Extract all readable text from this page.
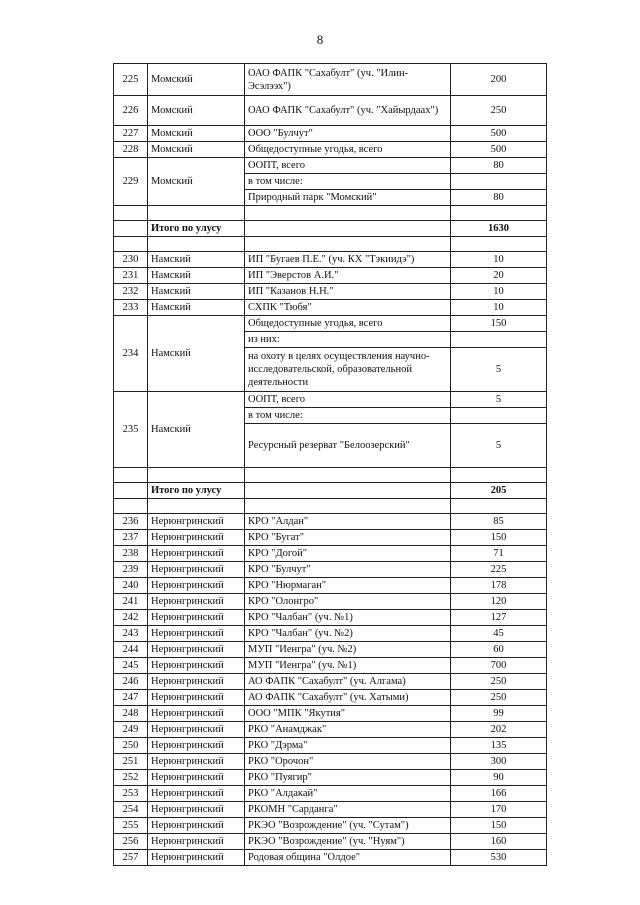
8
225	Момский	ОАО ФАПК "Сахабулт" (уч. "Илин-Эсэлээх")	200
226	Момский	ОАО ФАПК "Сахабулт" (уч. "Хайырдаах")	250
227	Момский	ООО "Булчут"	500
228	Момский	Общедоступные угодья, всего	500
229	Момский	ООПТ, всего	80
		в том числе:	
		Природный парк "Момский"	80

	Итого по улусу		1630

230	Намский	ИП "Бугаев П.Е." (уч. КХ "Тэкиидэ")	10
231	Намский	ИП "Эверстов А.И."	20
232	Намский	ИП "Казанов Н.Н."	10
233	Намский	СХПК "Тюбя"	10
234	Намский	Общедоступные угодья, всего	150
		из них:	
		на охоту в целях осуществления научно-исследовательской, образовательной деятельности	5
235	Намский	ООПТ, всего	5
		в том числе:	
		Ресурсный резерват "Белоозерский"	5

	Итого по улусу		205

236	Нерюнгринский	КРО "Алдан"	85
237	Нерюнгринский	КРО "Бугат"	150
238	Нерюнгринский	КРО "Догой"	71
239	Нерюнгринский	КРО "Булчут"	225
240	Нерюнгринский	КРО "Нюрмаган"	178
241	Нерюнгринский	КРО "Олонгро"	120
242	Нерюнгринский	КРО "Чалбан" (уч. №1)	127
243	Нерюнгринский	КРО "Чалбан" (уч. №2)	45
244	Нерюнгринский	МУП "Иенгра" (уч. №2)	60
245	Нерюнгринский	МУП "Иенгра" (уч. №1)	700
246	Нерюнгринский	АО ФАПК "Сахабулт" (уч. Алгама)	250
247	Нерюнгринский	АО ФАПК "Сахабулт" (уч. Хатыми)	250
248	Нерюнгринский	ООО "МПК "Якутия"	99
249	Нерюнгринский	РКО "Анамджак"	202
250	Нерюнгринский	РКО "Дэрма"	135
251	Нерюнгринский	РКО "Орочон"	300
252	Нерюнгринский	РКО "Пуягир"	90
253	Нерюнгринский	РКО "Алдакай"	166
254	Нерюнгринский	РКОМН "Сарданга"	170
255	Нерюнгринский	РКЭО "Возрождение" (уч. "Сутам")	150
256	Нерюнгринский	РКЭО "Возрождение" (уч. "Нуям")	160
257	Нерюнгринский	Родовая община "Олдое"	530
